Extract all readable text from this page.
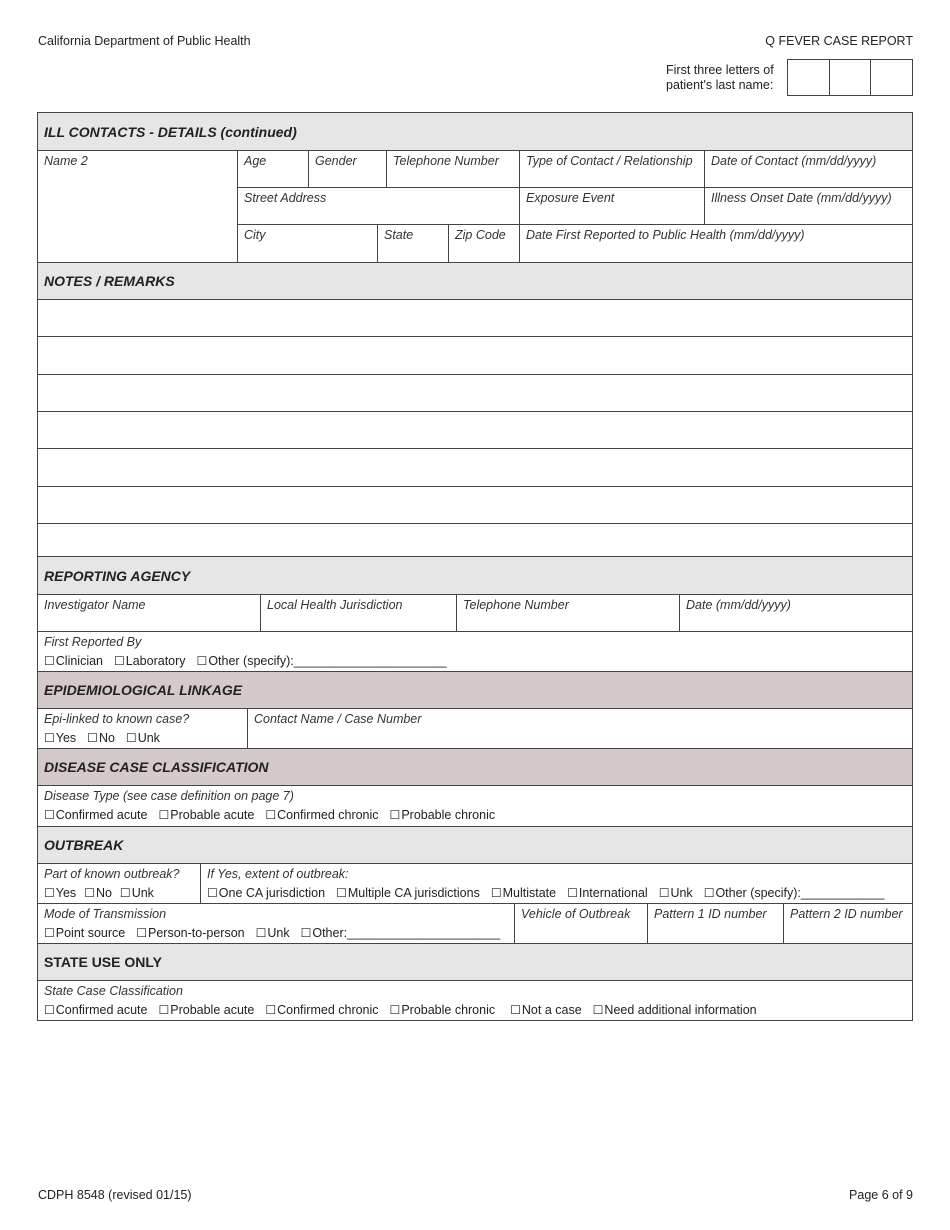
California Department of Public Health	Q FEVER CASE REPORT
First three letters of
patient's last name:
ILL CONTACTS - DETAILS (continued)
Name 2	Age	Gender	Telephone Number	Type of Contact / Relationship	Date of Contact (mm/dd/yyyy)
Street Address	Exposure Event	Illness Onset Date (mm/dd/yyyy)
City	State	Zip Code	Date First Reported to Public Health (mm/dd/yyyy)
NOTES / REMARKS
REPORTING AGENCY
Investigator Name	Local Health Jurisdiction	Telephone Number	Date (mm/dd/yyyy)
First Reported By
☐ Clinician ☐ Laboratory ☐ Other (specify):______________________
EPIDEMIOLOGICAL LINKAGE
Epi-linked to known case?
☐ Yes ☐ No ☐ Unk
Contact Name / Case Number
DISEASE CASE CLASSIFICATION
Disease Type (see case definition on page 7)
☐ Confirmed acute ☐ Probable acute ☐ Confirmed chronic ☐ Probable chronic
OUTBREAK
Part of known outbreak?
☐ Yes ☐ No ☐ Unk
If Yes, extent of outbreak:
☐ One CA jurisdiction ☐ Multiple CA jurisdictions ☐ Multistate ☐ International ☐ Unk ☐ Other (specify):____________
Mode of Transmission
☐ Point source ☐ Person-to-person ☐ Unk ☐ Other:______________________
Vehicle of Outbreak	Pattern 1 ID number	Pattern 2 ID number
STATE USE ONLY
State Case Classification
☐ Confirmed acute ☐ Probable acute ☐ Confirmed chronic ☐ Probable chronic ☐ Not a case ☐ Need additional information
CDPH 8548 (revised 01/15)	Page 6 of 9
